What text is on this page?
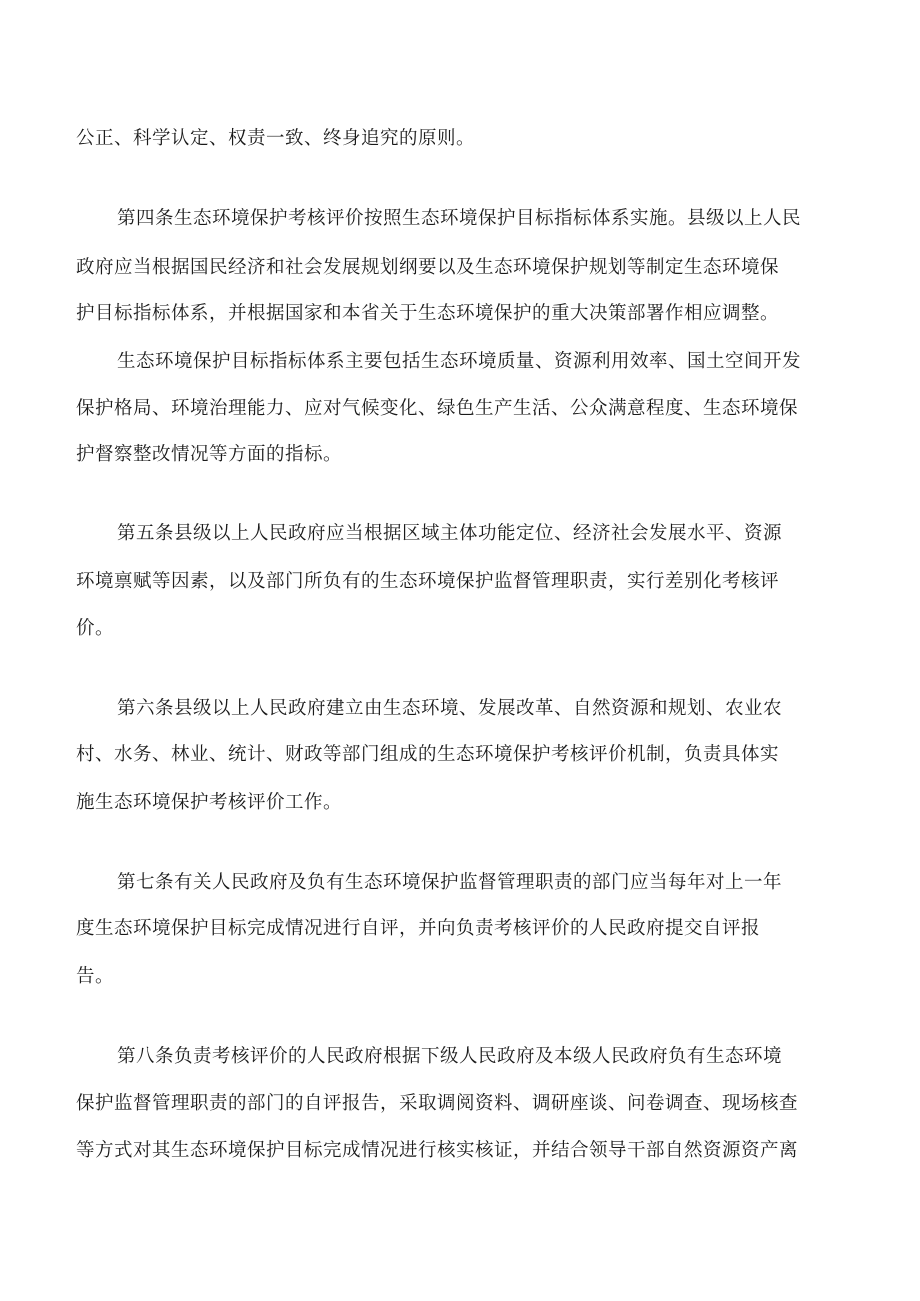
公正、科学认定、权责一致、终身追究的原则。

第四条生态环境保护考核评价按照生态环境保护目标指标体系实施。县级以上人民

政府应当根据国民经济和社会发展规划纲要以及生态环境保护规划等制定生态环境保

护目标指标体系，并根据国家和本省关于生态环境保护的重大决策部署作相应调整。

生态环境保护目标指标体系主要包括生态环境质量、资源利用效率、国土空间开发

保护格局、环境治理能力、应对气候变化、绿色生产生活、公众满意程度、生态环境保

护督察整改情况等方面的指标。

第五条县级以上人民政府应当根据区域主体功能定位、经济社会发展水平、资源

环境禀赋等因素，以及部门所负有的生态环境保护监督管理职责，实行差别化考核评

价。

第六条县级以上人民政府建立由生态环境、发展改革、自然资源和规划、农业农

村、水务、林业、统计、财政等部门组成的生态环境保护考核评价机制，负责具体实

施生态环境保护考核评价工作。

第七条有关人民政府及负有生态环境保护监督管理职责的部门应当每年对上一年

度生态环境保护目标完成情况进行自评，并向负责考核评价的人民政府提交自评报

告。

第八条负责考核评价的人民政府根据下级人民政府及本级人民政府负有生态环境

保护监督管理职责的部门的自评报告，采取调阅资料、调研座谈、问卷调查、现场核查

等方式对其生态环境保护目标完成情况进行核实核证，并结合领导干部自然资源资产离
